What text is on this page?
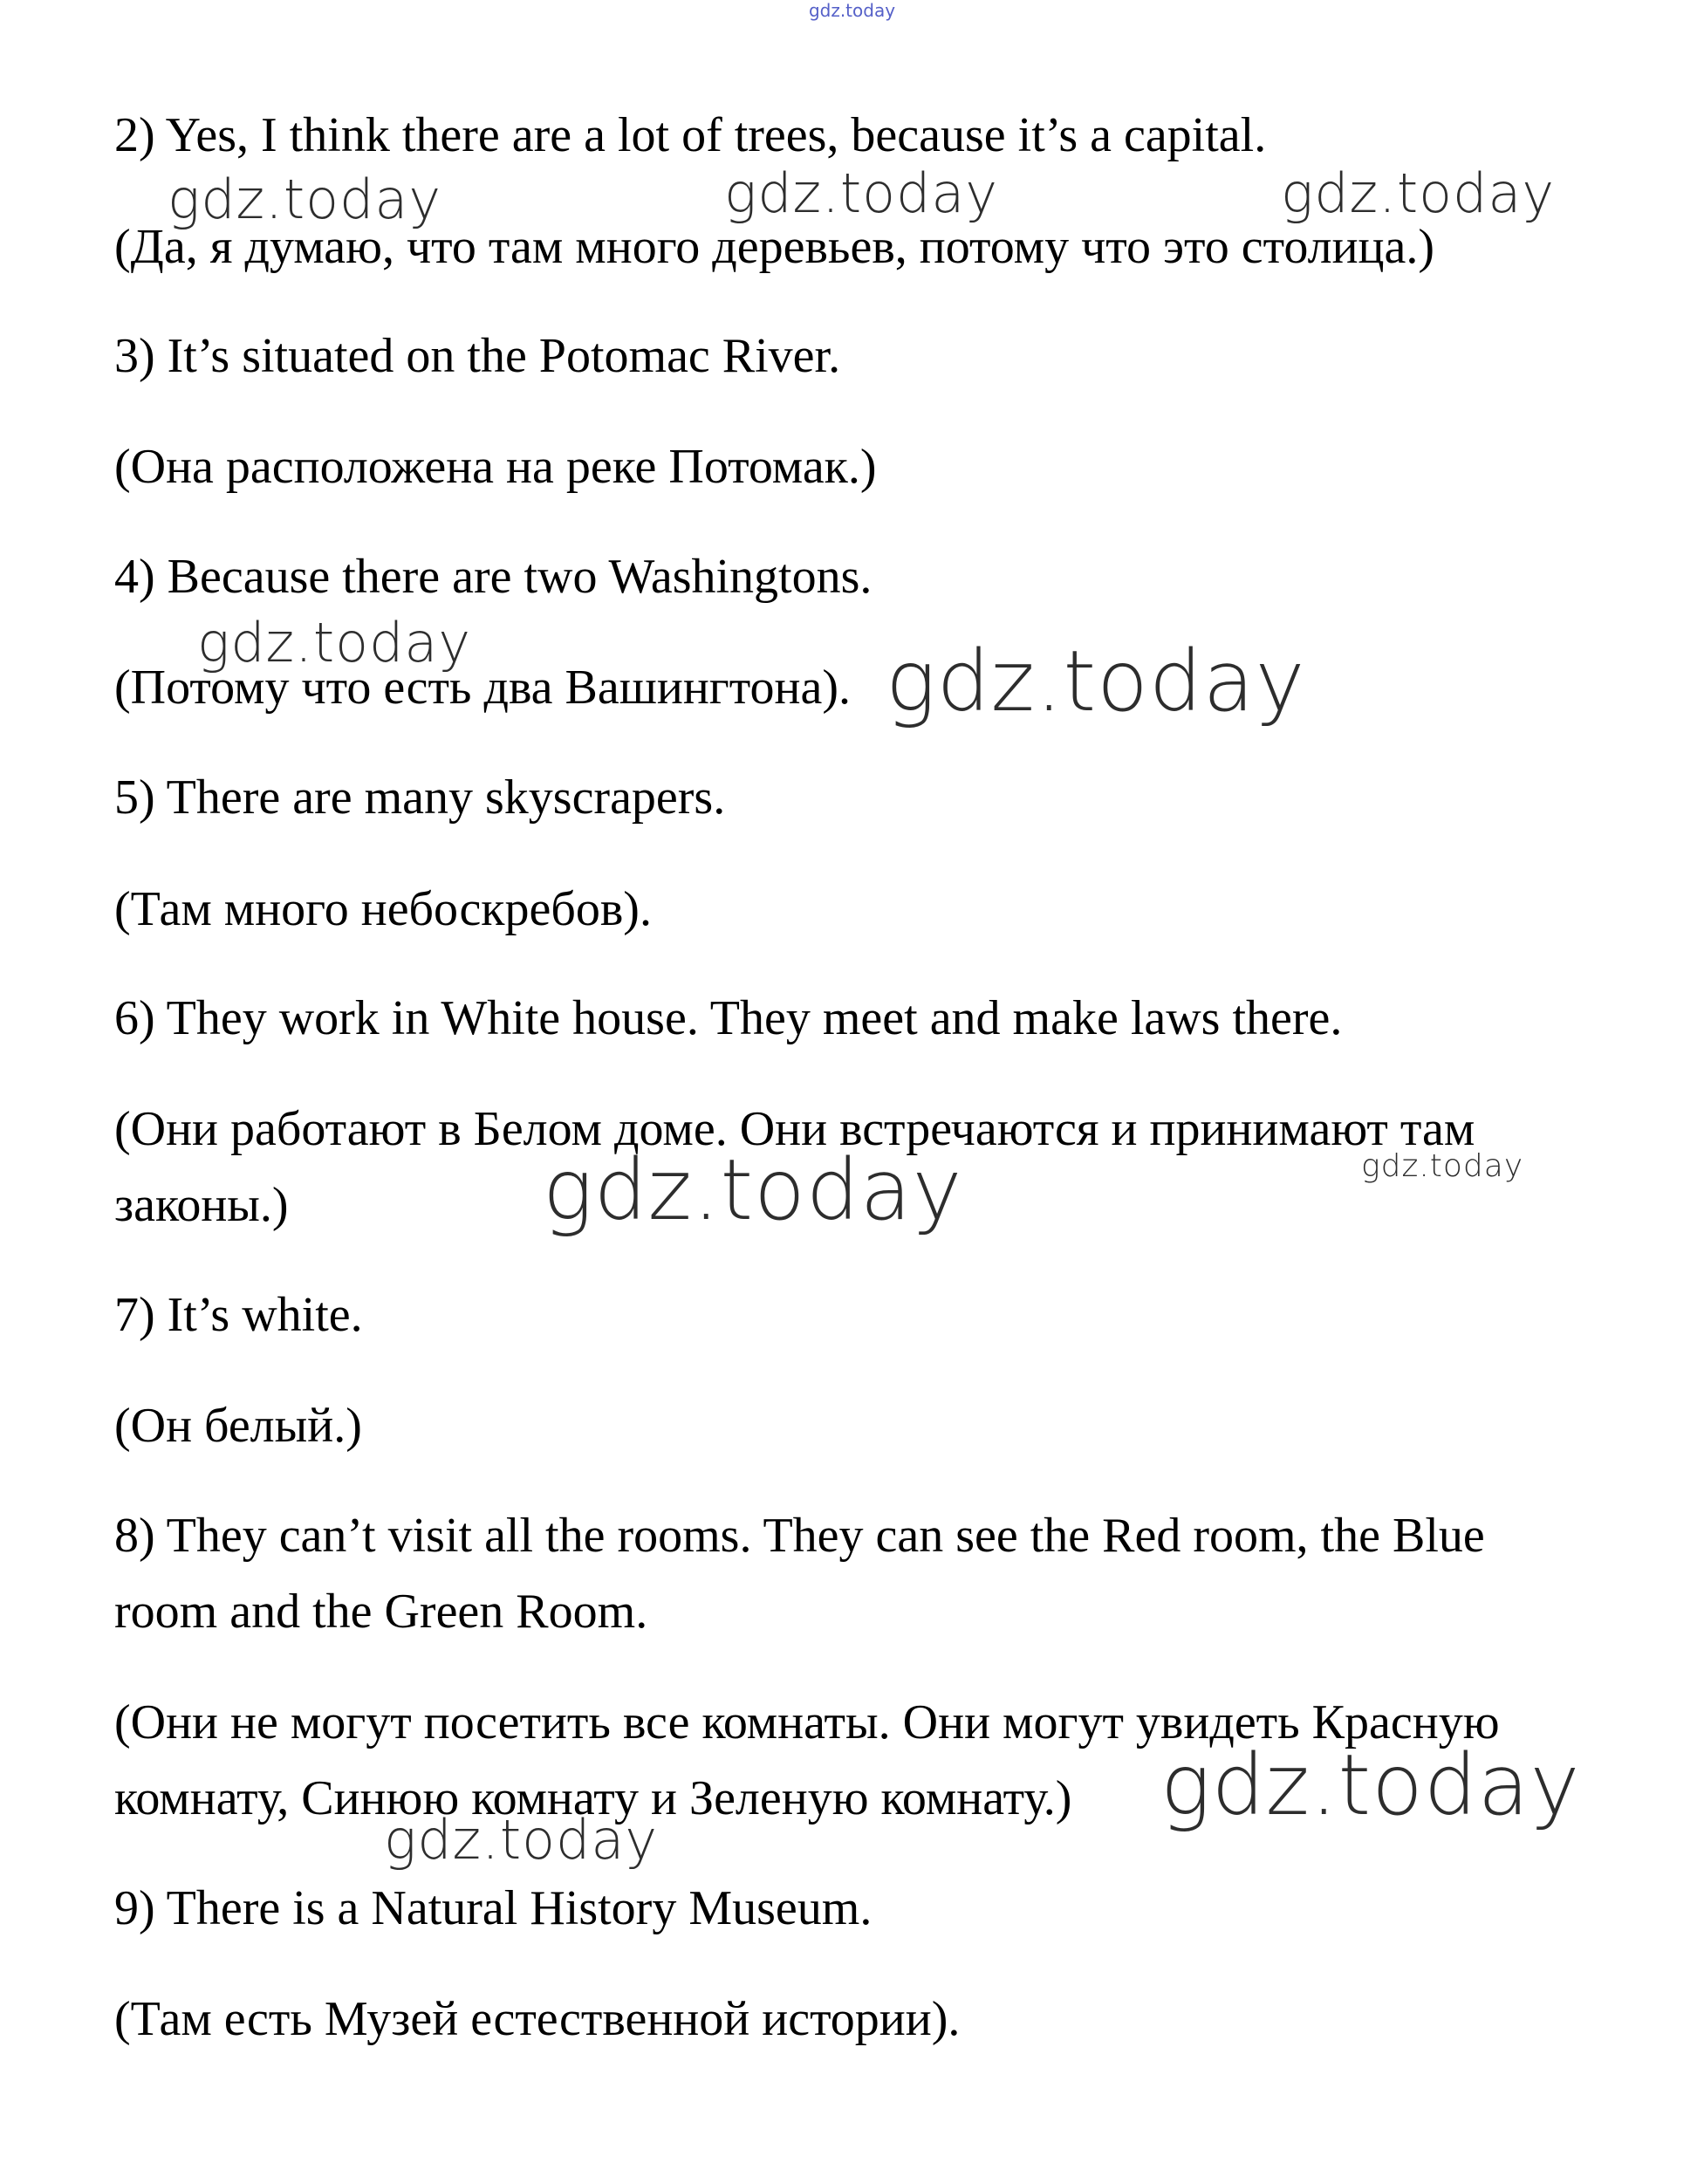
gdz.today
2) Yes, I think there are a lot of trees, because it’s a capital.
(Да, я думаю, что там много деревьев, потому что это столица.)
3) It’s situated on the Potomac River.
(Она расположена на реке Потомак.)
4) Because there are two Washingtons.
(Потому что есть два Вашингтона).
5) There are many skyscrapers.
(Там много небоскребов).
6) They work in White house. They meet and make laws there.
(Они работают в Белом доме. Они встречаются и принимают там
законы.)
7) It’s white.
(Он белый.)
8) They can’t visit all the rooms. They can see the Red room, the Blue
room and the Green Room.
(Они не могут посетить все комнаты. Они могут увидеть Красную
комнату, Синюю комнату и Зеленую комнату.)
9) There is a Natural History Museum.
(Там есть Музей естественной истории).
gdz.today	gdz.today	gdz.today
gdz.today	gdz.today
gdz.today
gdz.today
gdz.today
gdz.today
